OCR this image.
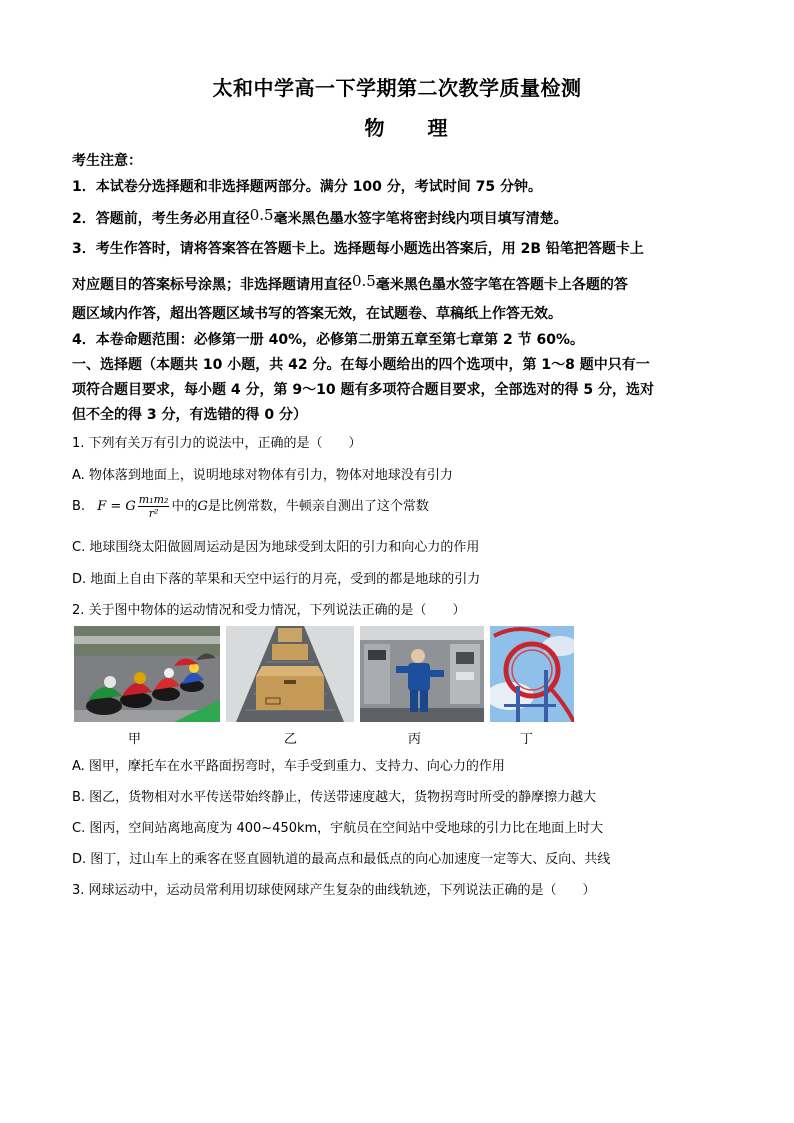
太和中学高一下学期第二次教学质量检测
物 理
考生注意：
1．本试卷分选择题和非选择题两部分。满分 100 分，考试时间 75 分钟。
2．答题前，考生务必用直径0.5毫米黑色墨水签字笔将密封线内项目填写清楚。
3．考生作答时，请将答案答在答题卡上。选择题每小题选出答案后，用 2B 铅笔把答题卡上
对应题目的答案标号涂黑；非选择题请用直径0.5毫米黑色墨水签字笔在答题卡上各题的答
题区域内作答，超出答题区域书写的答案无效，在试题卷、草稿纸上作答无效。
4．本卷命题范围：必修第一册 40%，必修第二册第五章至第七章第 2 节 60%。
一、选择题（本题共 10 小题，共 42 分。在每小题给出的四个选项中，第 1～8 题中只有一
项符合题目要求，每小题 4 分，第 9～10 题有多项符合题目要求，全部选对的得 5 分，选对
但不全的得 3 分，有选错的得 0 分）
1. 下列有关万有引力的说法中，正确的是（　　）
A. 物体落到地面上，说明地球对物体有引力，物体对地球没有引力
B. F = G $\frac{\text{m₁m₂}}{\text{r²}}$ 中的G是比例常数，牛顿亲自测出了这个常数
C. 地球围绕太阳做圆周运动是因为地球受到太阳的引力和向心力的作用
D. 地面上自由下落的苹果和天空中运行的月亮，受到的都是地球的引力
2. 关于图中物体的运动情况和受力情况，下列说法正确的是（　　）
甲	乙	丙	丁
A. 图甲，摩托车在水平路面拐弯时，车手受到重力、支持力、向心力的作用
B. 图乙，货物相对水平传送带始终静止，传送带速度越大，货物拐弯时所受的静摩擦力越大
C. 图丙，空间站离地高度为 400~450km，宇航员在空间站中受地球的引力比在地面上时大
D. 图丁，过山车上的乘客在竖直圆轨道的最高点和最低点的向心加速度一定等大、反向、共线
3. 网球运动中，运动员常利用切球使网球产生复杂的曲线轨迹，下列说法正确的是（　　）
